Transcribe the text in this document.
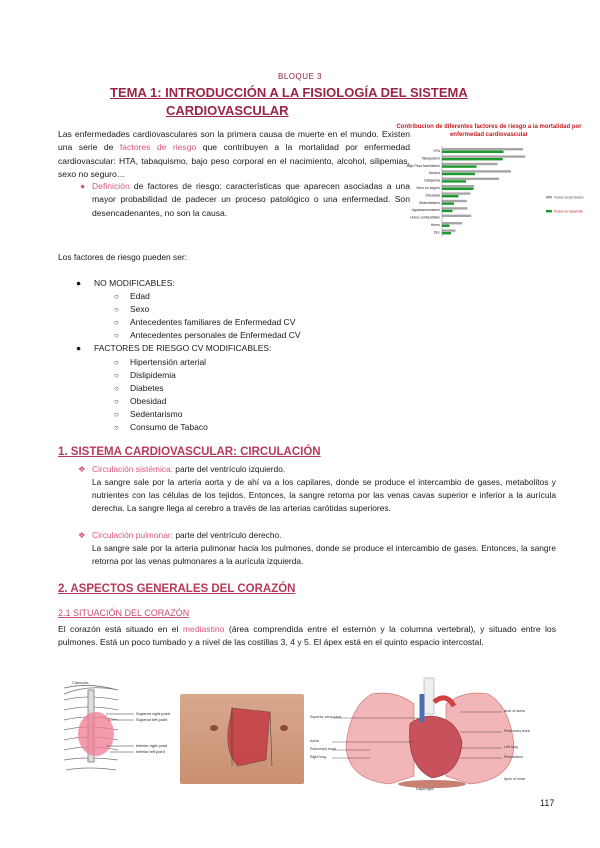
BLOQUE 3
TEMA 1: INTRODUCCIÓN A LA FISIOLOGÍA DEL SISTEMA
CARDIOVASCULAR
Las enfermedades cardiovasculares son la primera causa de muerte en el mundo. Existen una serie de factores de riesgo que contribuyen a la mortalidad por enfermedad cardiovascular: HTA, tabaquismo, bajo peso corporal en el nacimiento, alcohol, silipemias, sexo no seguro…
● Definición de factores de riesgo: características que aparecen asociadas a una mayor probabilidad de padecer un proceso patológico o una enfermedad. Son desencadenantes, no son la causa.
Contribucion de diferentes factores de riesgo a la mortalidad por enfermedad cardiovascular
HTA
Tabaquismo
Bajo Peso Nacimiento
Alcohol
Dislipemia
Sexo no seguro
Obesidad
Sedentarismo
Agua/saneamiento
Humo combustibles
Hierro
Zinc
Países desarrollados
Países en desarrollo
Los factores de riesgo pueden ser:
● NO MODIFICABLES:
○ Edad
○ Sexo
○ Antecedentes familiares de Enfermedad CV
○ Antecedentes personales de Enfermedad CV
● FACTORES DE RIESGO CV MODIFICABLES:
○ Hipertensión arterial
○ Dislipidemia
○ Diabetes
○ Obesidad
○ Sedentarismo
○ Consumo de Tabaco
1. SISTEMA CARDIOVASCULAR: CIRCULACIÓN
❖ Circulación sistémica: parte del ventrículo izquierdo.
La sangre sale por la arteria aorta y de ahí va a los capilares, donde se produce el intercambio de gases, metabolitos y nutrientes con las células de los tejidos. Entonces, la sangre retorna por las venas cavas superior e inferior a la aurícula derecha. La sangre llega al cerebro a través de las arterias carótidas superiores.
❖ Circulación pulmonar: parte del ventrículo derecho.
La sangre sale por la arteria pulmonar hacia los pulmones, donde se produce el intercambio de gases. Entonces, la sangre retorna por las venas pulmonares a la aurícula izquierda.
2. ASPECTOS GENERALES DEL CORAZÓN
2.1 SITUACIÓN DEL CORAZÓN
El corazón está situado en el mediastino (área comprendida entre el esternón y la columna vertebral), y situado entre los pulmones. Está un poco tumbado y a nivel de las costillas 3, 4 y 5. El ápex está en el quinto espacio intercostal.
Clavícula
Superior right point
Superior left point
Inferior right point
Inferior left point
Superior vena cava
Aorta
Pulmonary trunk
Right lung
Diaphragm
Arch of aorta
Pulmonary trunk
Left lung
Pericardium
Apex of heart
117
